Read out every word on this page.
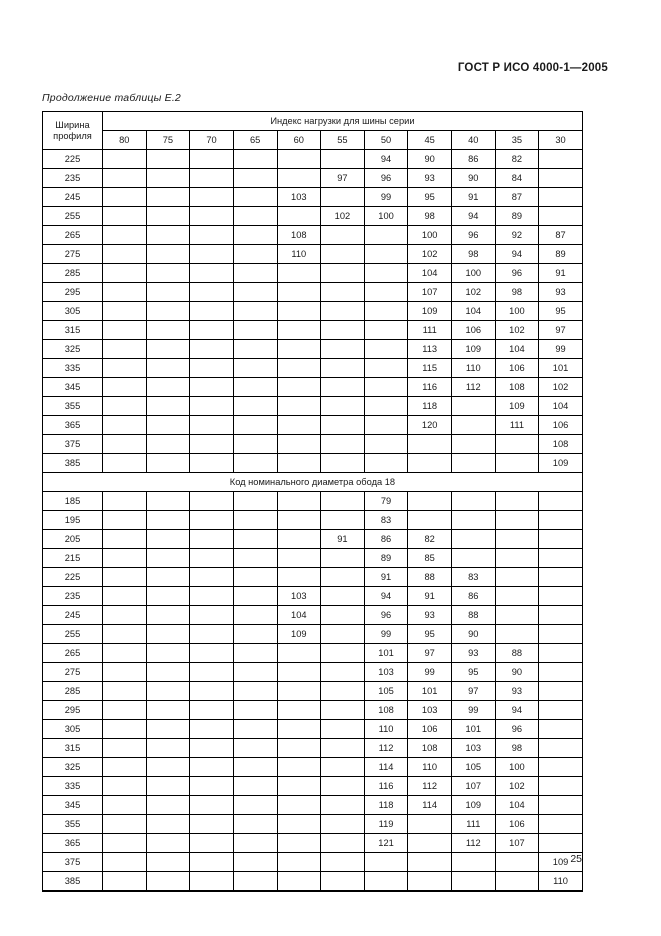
ГОСТ Р ИСО 4000-1—2005
Продолжение таблицы Е.2
Ширина
профиля	Индекс нагрузки для шины серии										
	80	75	70	65	60	55	50	45	40	35	30
225							94	90	86	82	
235						97	96	93	90	84	
245					103		99	95	91	87	
255						102	100	98	94	89	
265					108			100	96	92	87
275					110			102	98	94	89
285								104	100	96	91
295								107	102	98	93
305								109	104	100	95
315								111	106	102	97
325								113	109	104	99
335								115	110	106	101
345								116	112	108	102
355								118		109	104
365								120		111	106
375											108
385											109
Код номинального диаметра обода 18											
185							79				
195							83				
205						91	86	82			
215							89	85			
225							91	88	83		
235					103		94	91	86		
245					104		96	93	88		
255					109		99	95	90		
265							101	97	93	88	
275							103	99	95	90	
285							105	101	97	93	
295							108	103	99	94	
305							110	106	101	96	
315							112	108	103	98	
325							114	110	105	100	
335							116	112	107	102	
345							118	114	109	104	
355							119		111	106	
365							121		112	107	
375											109
385											110
25
